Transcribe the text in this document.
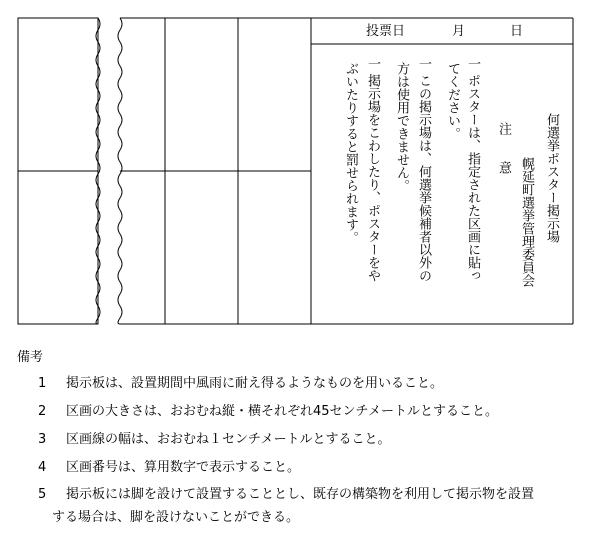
投票日	月	日
何選挙ポスター掲示場
幌延町選挙管理委員会
注　　意
一
ポスターは、指定された区画に貼っ
てください。
一
この掲示場は、何選挙候補者以外の
方は使用できません。
一
掲示場をこわしたり、ポスターをや
ぶいたりすると罰せられます。
備考
1 掲示板は、設置期間中風雨に耐え得るようなものを用いること。
2 区画の大きさは、おおむね縦・横それぞれ45センチメートルとすること。
3 区画線の幅は、おおむね１センチメートルとすること。
4 区画番号は、算用数字で表示すること。
5 掲示板には脚を設けて設置することとし、既存の構築物を利用して掲示物を設置
する場合は、脚を設けないことができる。
